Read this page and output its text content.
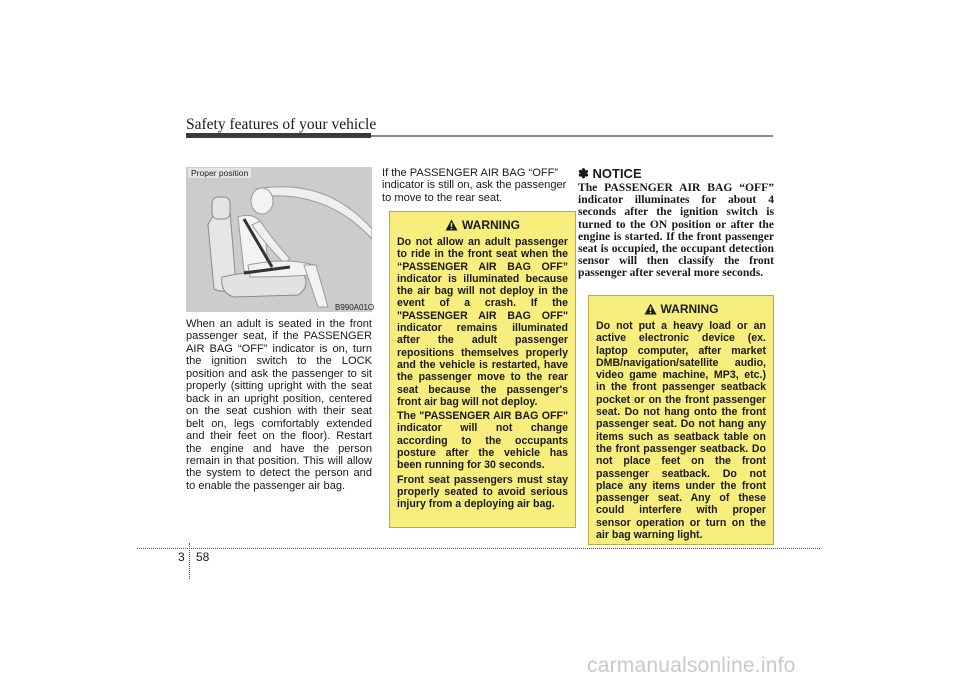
Safety features of your vehicle
Proper position
B990A01O
When an adult is seated in the front passenger seat, if the PASSENGER AIR BAG “OFF” indicator is on, turn the ignition switch to the LOCK position and ask the passenger to sit properly (sitting upright with the seat back in an upright position, centered on the seat cushion with their seat belt on, legs comfortably extended and their feet on the floor). Restart the engine and have the person remain in that position. This will allow the system to detect the person and to enable the passenger air bag.
If the PASSENGER AIR BAG “OFF” indicator is still on, ask the passenger to move to the rear seat.
WARNING

Do not allow an adult passenger to ride in the front seat when the “PASSENGER AIR BAG OFF” indicator is illuminated because the air bag will not deploy in the event of a crash. If the "PASSENGER AIR BAG OFF" indicator remains illuminated after the adult passenger repositions themselves properly and the vehicle is restarted, have the passenger move to the rear seat because the passenger's front air bag will not deploy.

The "PASSENGER AIR BAG OFF" indicator will not change according to the occupants posture after the vehicle has been running for 30 seconds.

Front seat passengers must stay properly seated to avoid serious injury from a deploying air bag.

✽ NOTICE
The PASSENGER AIR BAG “OFF” indicator illuminates for about 4 seconds after the ignition switch is turned to the ON position or after the engine is started. If the front passenger seat is occupied, the occupant detection sensor will then classify the front passenger after several more seconds.
WARNING

Do not put a heavy load or an active electronic device (ex. laptop computer, after market DMB/navigation/satellite audio, video game machine, MP3, etc.) in the front passenger seatback pocket or on the front passenger seat. Do not hang onto the front passenger seat. Do not hang any items such as seatback table on the front passenger seatback. Do not place feet on the front passenger seatback. Do not place any items under the front passenger seat. Any of these could interfere with proper sensor operation or turn on the air bag warning light.

3 58
carmanualsonline.info
